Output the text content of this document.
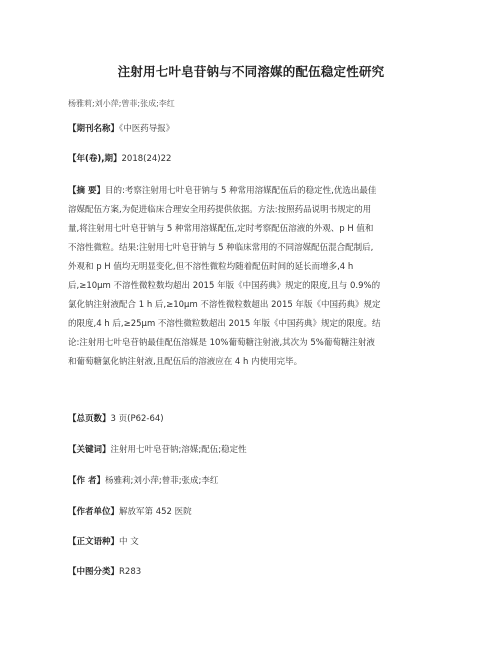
注射用七叶皂苷钠与不同溶媒的配伍稳定性研究
杨雅莉;刘小萍;曾菲;张成;李红
【期刊名称】《中医药导报》
【年(卷),期】2018(24)22
【摘 要】目的:考察注射用七叶皂苷钠与 5 种常用溶媒配伍后的稳定性,优选出最佳
溶媒配伍方案,为促进临床合理安全用药提供依据。方法:按照药品说明书规定的用
量,将注射用七叶皂苷钠与 5 种常用溶媒配伍,定时考察配伍溶液的外观、p H 值和
不溶性微粒。结果:注射用七叶皂苷钠与 5 种临床常用的不同溶媒配伍混合配制后,
外观和 p H 值均无明显变化,但不溶性微粒均随着配伍时间的延长而增多,4 h
后,≥10μm 不溶性微粒数均超出 2015 年版《中国药典》规定的限度,且与 0.9%的
氯化钠注射液配合 1 h 后,≥10μm 不溶性微粒数超出 2015 年版《中国药典》规定
的限度,4 h 后,≥25μm 不溶性微粒数超出 2015 年版《中国药典》规定的限度。结
论:注射用七叶皂苷钠最佳配伍溶媒是 10%葡萄糖注射液,其次为 5%葡萄糖注射液
和葡萄糖氯化钠注射液,且配伍后的溶液应在 4 h 内使用完毕。
【总页数】3 页(P62-64)
【关键词】注射用七叶皂苷钠;溶媒;配伍;稳定性
【作 者】杨雅莉;刘小萍;曾菲;张成;李红
【作者单位】解放军第 452 医院
【正文语种】中 文
【中图分类】R283
